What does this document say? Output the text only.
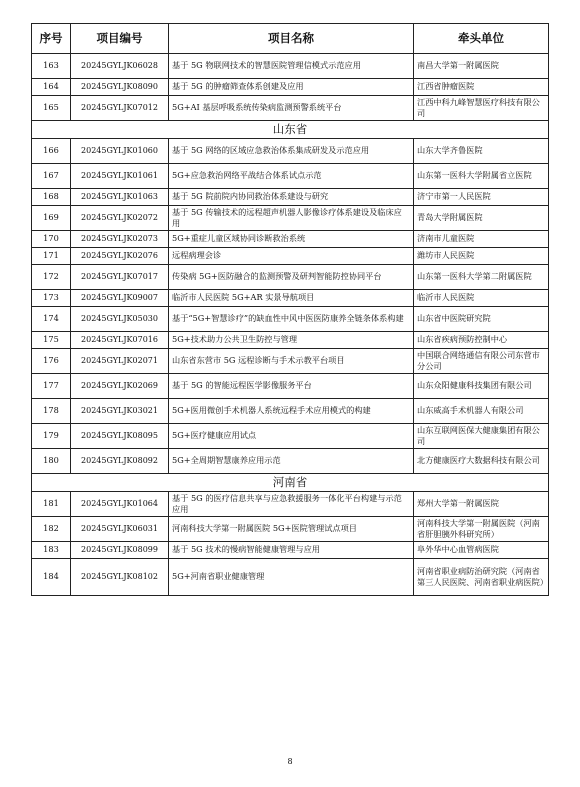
序号	项目编号	项目名称	牵头单位
163	20245GYLJK06028	基于 5G 物联网技术的智慧医院管理信模式示范应用	南昌大学第一附属医院
164	20245GYLJK08090	基于 5G 的肿瘤筛查体系创建及应用	江西省肿瘤医院
165	20245GYLJK07012	5G+AI 基层呼吸系统传染病监测预警系统平台	江西中科九峰智慧医疗科技有限公司
山东省			
166	20245GYLJK01060	基于 5G 网络的区域应急救治体系集成研发及示范应用	山东大学齐鲁医院
167	20245GYLJK01061	5G+应急救治网络平战结合体系试点示范	山东第一医科大学附属省立医院
168	20245GYLJK01063	基于 5G 院前院内协同救治体系建设与研究	济宁市第一人民医院
169	20245GYLJK02072	基于 5G 传输技术的远程超声机器人影像诊疗体系建设及临床应用	青岛大学附属医院
170	20245GYLJK02073	5G+重症儿童区域协同诊断救治系统	济南市儿童医院
171	20245GYLJK02076	远程病理会诊	潍坊市人民医院
172	20245GYLJK07017	传染病 5G+医防融合的监测预警及研判智能防控协同平台	山东第一医科大学第二附属医院
173	20245GYLJK09007	临沂市人民医院 5G+AR 实景导航项目	临沂市人民医院
174	20245GYLJK05030	基于“5G+智慧诊疗”的缺血性中风中医医防康养全链条体系构建	山东省中医院研究院
175	20245GYLJK07016	5G+技术助力公共卫生防控与管理	山东省疾病预防控制中心
176	20245GYLJK02071	山东省东营市 5G 远程诊断与手术示教平台项目	中国联合网络通信有限公司东营市分公司
177	20245GYLJK02069	基于 5G 的智能远程医学影像服务平台	山东众阳健康科技集团有限公司
178	20245GYLJK03021	5G+医用微创手术机器人系统远程手术应用模式的构建	山东威高手术机器人有限公司
179	20245GYLJK08095	5G+医疗健康应用试点	山东互联网医保大健康集团有限公司
180	20245GYLJK08092	5G+全周期智慧康养应用示范	北方健康医疗大数据科技有限公司
河南省			
181	20245GYLJK01064	基于 5G 的医疗信息共享与应急救援服务一体化平台构建与示范应用	郑州大学第一附属医院
182	20245GYLJK06031	河南科技大学第一附属医院 5G+医院管理试点项目	河南科技大学第一附属医院（河南省肝胆胰外科研究所）
183	20245GYLJK08099	基于 5G 技术的慢病智能健康管理与应用	阜外华中心血管病医院
184	20245GYLJK08102	5G+河南省职业健康管理	河南省职业病防治研究院（河南省第三人民医院、河南省职业病医院）
8
